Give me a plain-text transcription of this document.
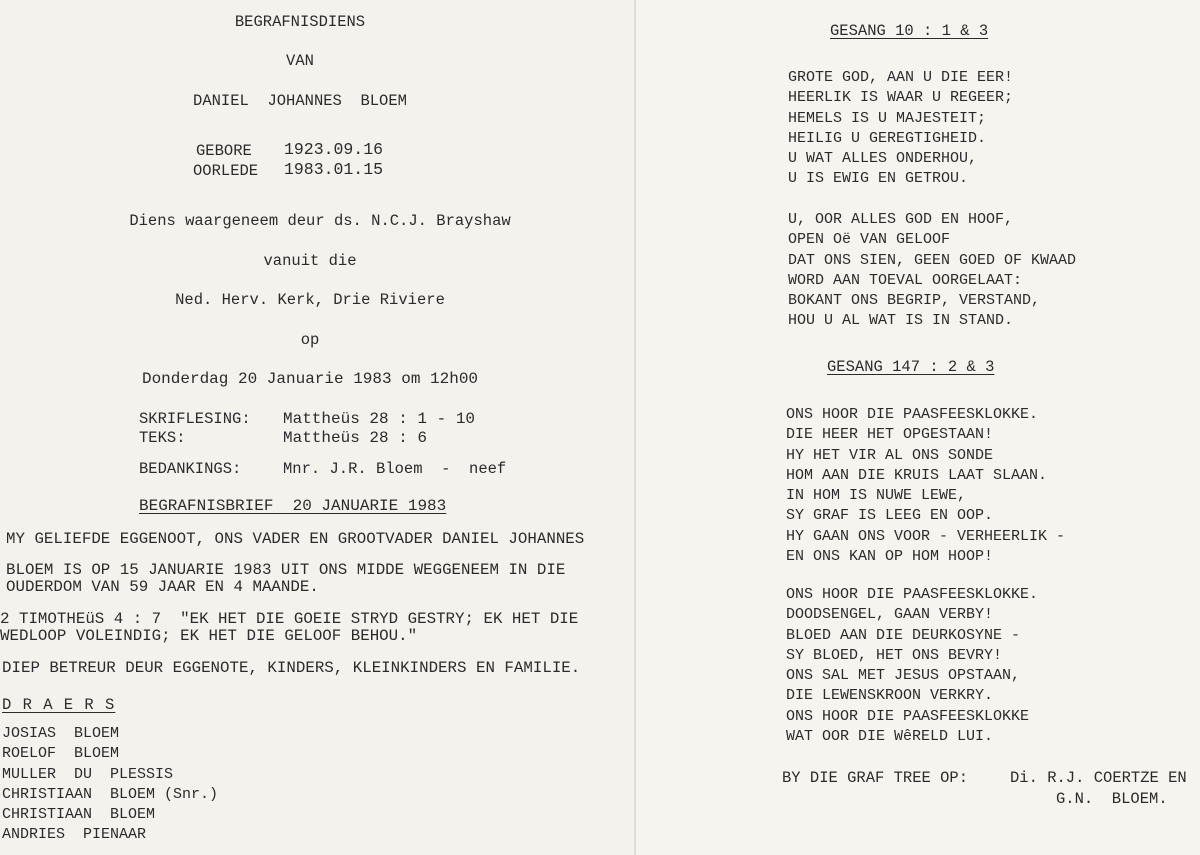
BEGRAFNISDIENS
VAN
DANIEL  JOHANNES  BLOEM
GEBORE 1923.09.16
OORLEDE 1983.01.15
Diens waargeneem deur ds. N.C.J. Brayshaw
vanuit die
Ned. Herv. Kerk, Drie Riviere
op
Donderdag 20 Januarie 1983 om 12h00
SKRIFLESING: Mattheüs 28 : 1 - 10
TEKS:	Mattheüs 28 : 6
BEDANKINGS:	Mnr. J.R. Bloem  -  neef
BEGRAFNISBRIEF  20 JANUARIE 1983
MY GELIEFDE EGGENOOT, ONS VADER EN GROOTVADER DANIEL JOHANNES
BLOEM IS OP 15 JANUARIE 1983 UIT ONS MIDDE WEGGENEEM IN DIE
OUDERDOM VAN 59 JAAR EN 4 MAANDE.
2 TIMOTHEüS 4 : 7  "EK HET DIE GOEIE STRYD GESTRY; EK HET DIE
WEDLOOP VOLEINDIG; EK HET DIE GELOOF BEHOU."
DIEP BETREUR DEUR EGGENOTE, KINDERS, KLEINKINDERS EN FAMILIE.
D R A E R S
JOSIAS  BLOEM
ROELOF  BLOEM
MULLER  DU  PLESSIS
CHRISTIAAN  BLOEM (Snr.)
CHRISTIAAN  BLOEM
ANDRIES  PIENAAR
GESANG 10 : 1 & 3
GROTE GOD, AAN U DIE EER!
HEERLIK IS WAAR U REGEER;
HEMELS IS U MAJESTEIT;
HEILIG U GEREGTIGHEID.
U WAT ALLES ONDERHOU,
U IS EWIG EN GETROU.
U, OOR ALLES GOD EN HOOF,
OPEN Oë VAN GELOOF
DAT ONS SIEN, GEEN GOED OF KWAAD
WORD AAN TOEVAL OORGELAAT:
BOKANT ONS BEGRIP, VERSTAND,
HOU U AL WAT IS IN STAND.
GESANG 147 : 2 & 3
ONS HOOR DIE PAASFEESKLOKKE.
DIE HEER HET OPGESTAAN!
HY HET VIR AL ONS SONDE
HOM AAN DIE KRUIS LAAT SLAAN.
IN HOM IS NUWE LEWE,
SY GRAF IS LEEG EN OOP.
HY GAAN ONS VOOR - VERHEERLIK -
EN ONS KAN OP HOM HOOP!
ONS HOOR DIE PAASFEESKLOKKE.
DOODSENGEL, GAAN VERBY!
BLOED AAN DIE DEURKOSYNE -
SY BLOED, HET ONS BEVRY!
ONS SAL MET JESUS OPSTAAN,
DIE LEWENSKROON VERKRY.
ONS HOOR DIE PAASFEESKLOKKE
WAT OOR DIE WêRELD LUI.
BY DIE GRAF TREE OP:	Di. R.J. COERTZE EN
G.N.  BLOEM.
